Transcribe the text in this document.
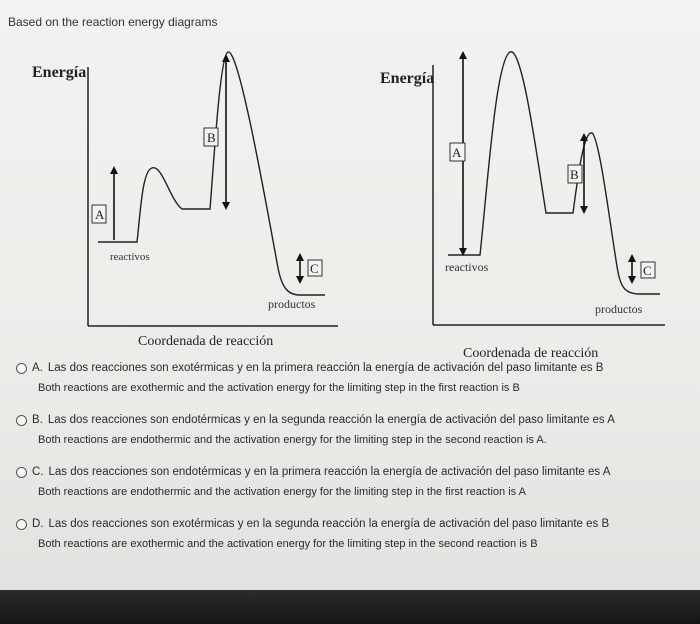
Based on the reaction energy diagrams
Energía
A
B
C
reactivos
productos
Coordenada de reacción
Energía
A
B
C
reactivos
productos
Coordenada de reacción
A. Las dos reacciones son exotérmicas y en la primera reacción la energía de activación del paso limitante es B
Both reactions are exothermic and the activation energy for the limiting step in the first reaction is B
B. Las dos reacciones son endotérmicas y en la segunda reacción la energía de activación del paso limitante es A
Both reactions are endothermic and the activation energy for the limiting step in the second reaction is A.
C. Las dos reacciones son endotérmicas y en la primera reacción la energía de activación del paso limitante es A
Both reactions are endothermic and the activation energy for the limiting step in the first reaction is A
D. Las dos reacciones son exotérmicas y en la segunda reacción la energía de activación del paso limitante es B
Both reactions are exothermic and the activation energy for the limiting step in the second reaction is B
